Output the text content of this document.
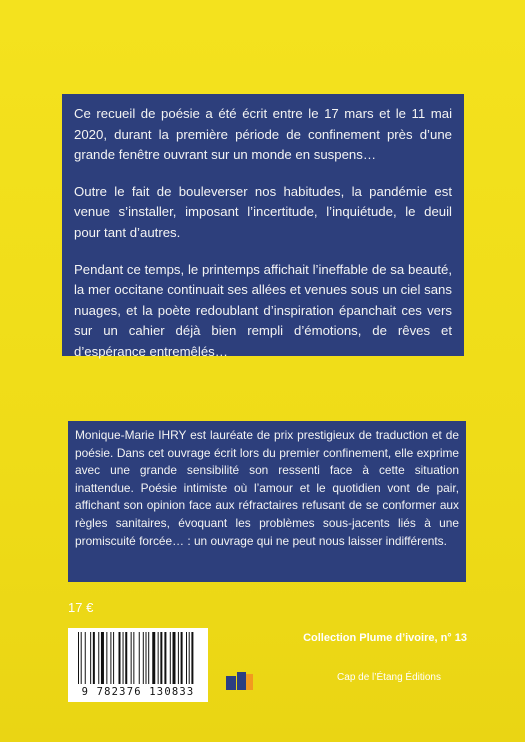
Ce recueil de poésie a été écrit entre le 17 mars et le 11 mai 2020, durant la première période de confinement près d’une grande fenêtre ouvrant sur un monde en suspens…

Outre le fait de bouleverser nos habitudes, la pandémie est venue s’installer, imposant l’incertitude, l’inquiétude, le deuil pour tant d’autres.

Pendant ce temps, le printemps affichait l’ineffable de sa beauté, la mer occitane continuait ses allées et venues sous un ciel sans nuages, et la poète redoublant d’inspiration épanchait ces vers sur un cahier déjà bien rempli d’émotions, de rêves et d’espérance entremêlés…

Monique-Marie IHRY est lauréate de prix prestigieux de traduction et de poésie. Dans cet ouvrage écrit lors du premier confinement, elle exprime avec une grande sensibilité son ressenti face à cette situation inattendue. Poésie intimiste où l’amour et le quotidien vont de pair, affichant son opinion face aux réfractaires refusant de se conformer aux règles sanitaires, évoquant les problèmes sous-jacents liés à une promiscuité forcée… : un ouvrage qui ne peut nous laisser indifférents.
17 €
Collection Plume d’ivoire, n° 13
9 782376 130833
Cap de l’Étang Éditions
